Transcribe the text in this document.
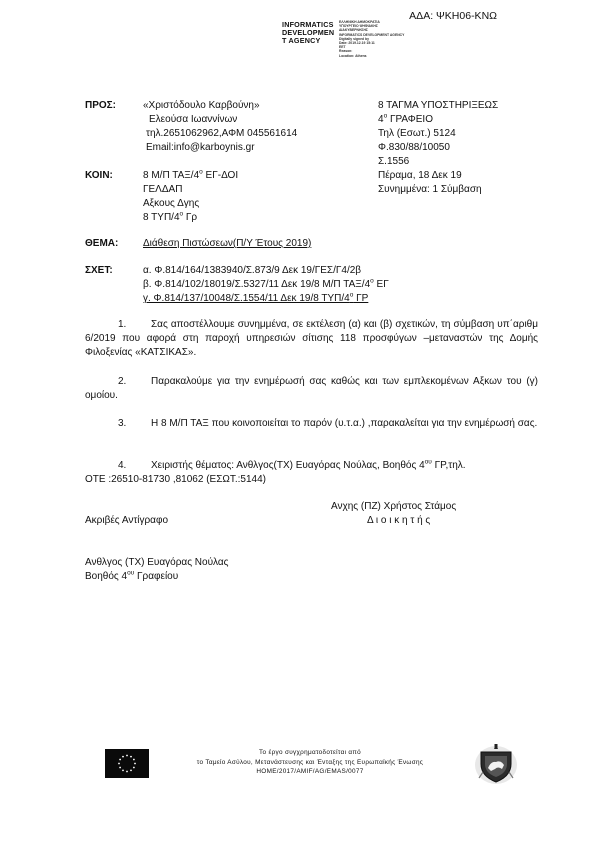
ΑΔΑ: ΨΚΗ06-ΚΝΩ
INFORMATICS
DEVELOPMEN
T AGENCY
ΕΛΛΗΝΙΚΗ ΔΗΜΟΚΡΑΤΙΑ
ΥΠΟΥΡΓΕΙΟ ΨΗΦΙΑΚΗΣ
ΔΙΑΚΥΒΕΡΝΗΣΗΣ
INFORMATICS DEVELOPMENT AGENCY
Digitally signed by
Date: 2019.12.19 15:11
EET
Reason:
Location: Athens
ΠΡΟΣ:	«Χριστόδουλο Καρβούνη»
Ελεούσα Ιωαννίνων
τηλ.2651062962,ΑΦΜ 045561614
Email:info@karboynis.gr
8 ΤΑΓΜΑ ΥΠΟΣΤΗΡΙΞΕΩΣ
$4^o$ ΓΡΑΦΕΙΟ
Τηλ (Εσωτ.) 5124
Φ.830/88/10050
Σ.1556
Πέραμα, 18 Δεκ 19
Συνημμένα: 1 Σύμβαση
ΚΟΙΝ:	8 Μ/Π ΤΑΞ/$4^o$ ΕΓ-ΔΟΙ
ΓΕΛΔΑΠ
Αξκους Δγης
8 ΤΥΠ/$4^o$ Γρ
ΘΕΜΑ: Διάθεση Πιστώσεων(Π/Υ Έτους 2019)
ΣΧΕΤ:	α. Φ.814/164/1383940/Σ.873/9 Δεκ 19/ΓΕΣ/Γ4/2β
β. Φ.814/102/18019/Σ.5327/11 Δεκ 19/8 Μ/Π ΤΑΞ/$4^o$ ΕΓ
γ. Φ.814/137/10048/Σ.1554/11 Δεκ 19/8 ΤΥΠ/$4^o$ ΓΡ
1. Σας αποστέλλουμε συνημμένα, σε εκτέλεση (α) και (β) σχετικών, τη σύμβαση υπ΄αριθμ 6/2019 που αφορά στη παροχή υπηρεσιών σίτισης 118 προσφύγων –μεταναστών της Δομής Φιλοξενίας «ΚΑΤΣΙΚΑΣ».
2. Παρακαλούμε για την ενημέρωσή σας καθώς και των εμπλεκομένων Αξκων του (γ) ομοίου.
3. Η 8 Μ/Π ΤΑΞ που κοινοποιείται το παρόν (υ.τ.α.) ,παρακαλείται για την ενημέρωσή σας.
4. Χειριστής θέματος: Ανθλγος(ΤΧ) Ευαγόρας Νούλας, Βοηθός $4^{o\upsilon}$ ΓΡ,τηλ.
ΟΤΕ :26510-81730 ,81062 (ΕΣΩΤ.:5144)
Ανχης (ΠΖ) Χρήστος Στάμος
Δ ι ο ι κ η τ ή ς
Ακριβές Αντίγραφο
Ανθλγος (ΤΧ) Ευαγόρας Νούλας
Βοηθός $4^{o\upsilon}$ Γραφείου
Το έργο συγχρηματοδοτείται από
το Ταμείο Ασύλου, Μετανάστευσης και Ένταξης της Ευρωπαϊκής Ένωσης
HOME/2017/AMIF/AG/EMAS/0077
